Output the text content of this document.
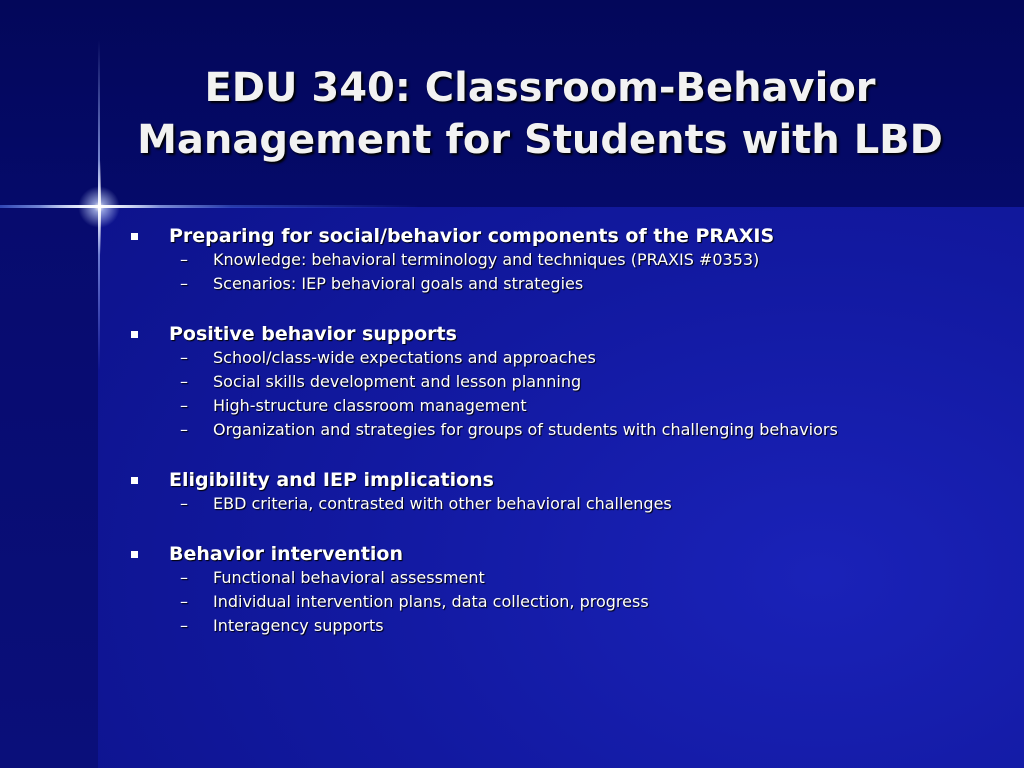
EDU 340: Classroom-Behavior
Management for Students with LBD
Preparing for social/behavior components of the PRAXIS
– Knowledge: behavioral terminology and techniques (PRAXIS #0353)
– Scenarios: IEP behavioral goals and strategies
Positive behavior supports
– School/class-wide expectations and approaches
– Social skills development and lesson planning
– High-structure classroom management
– Organization and strategies for groups of students with challenging behaviors
Eligibility and IEP implications
– EBD criteria, contrasted with other behavioral challenges
Behavior intervention
– Functional behavioral assessment
– Individual intervention plans, data collection, progress
– Interagency supports
